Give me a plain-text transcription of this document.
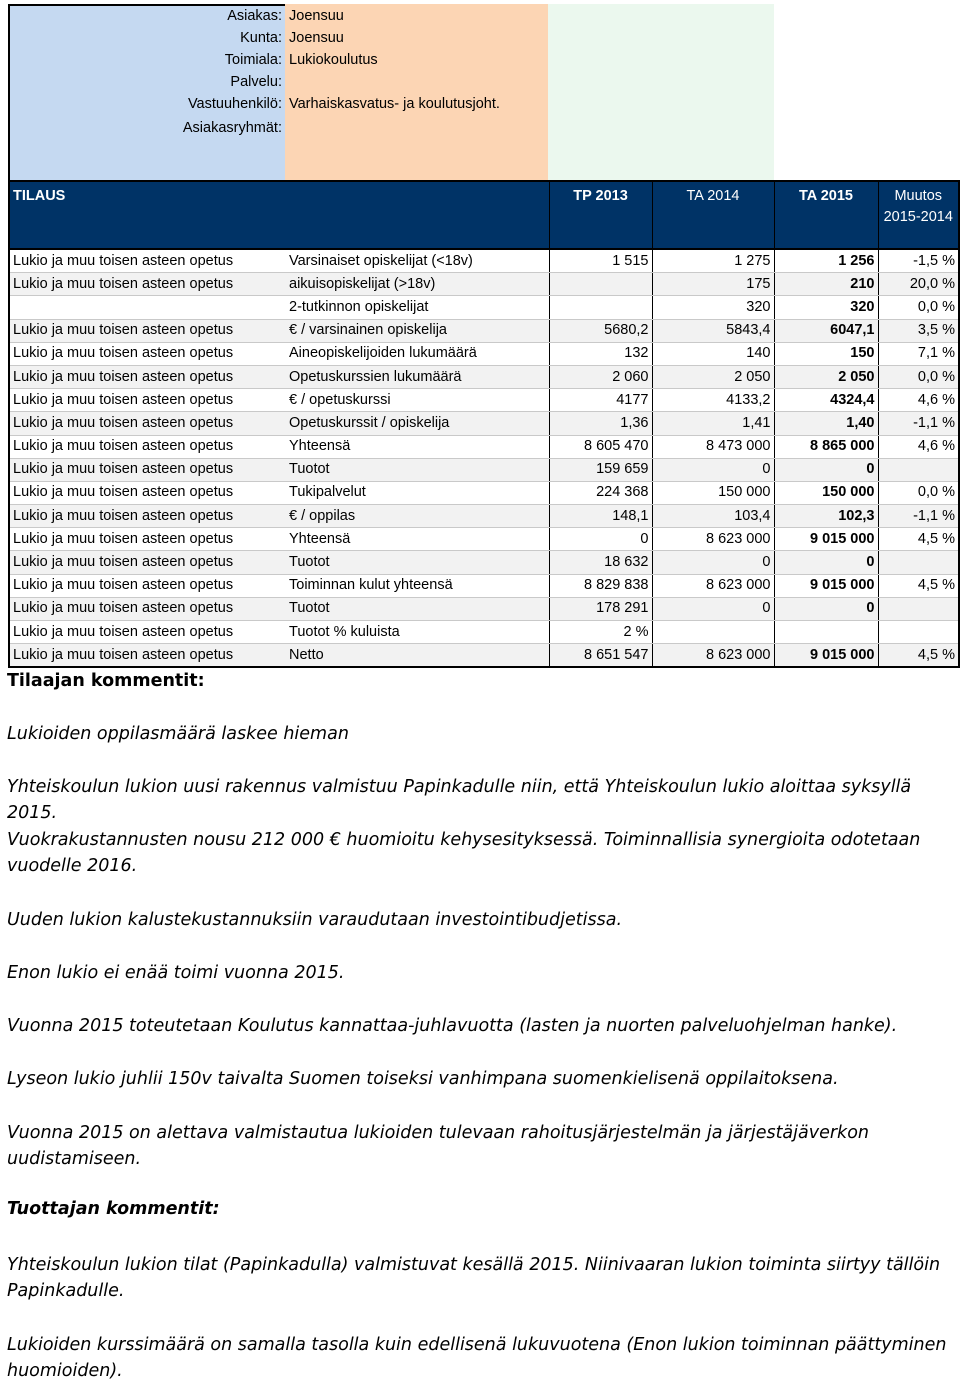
Asiakas: Joensuu
Kunta: Joensuu
Toimiala: Lukiokoulutus
Palvelu:
Vastuuhenkilö: Varhaiskasvatus- ja koulutusjoht.
Asiakasryhmät:
TILAUS		TP 2013	TA 2014	TA 2015	Muutos 2015-2014
Lukio ja muu toisen asteen opetus	Varsinaiset opiskelijat (<18v)	1 515	1 275	1 256	-1,5 %
Lukio ja muu toisen asteen opetus	aikuisopiskelijat (>18v)		175	210	20,0 %
	2-tutkinnon opiskelijat		320	320	0,0 %
Lukio ja muu toisen asteen opetus	€ / varsinainen opiskelija	5680,2	5843,4	6047,1	3,5 %
Lukio ja muu toisen asteen opetus	Aineopiskelijoiden lukumäärä	132	140	150	7,1 %
Lukio ja muu toisen asteen opetus	Opetuskurssien lukumäärä	2 060	2 050	2 050	0,0 %
Lukio ja muu toisen asteen opetus	€ / opetuskurssi	4177	4133,2	4324,4	4,6 %
Lukio ja muu toisen asteen opetus	Opetuskurssit / opiskelija	1,36	1,41	1,40	-1,1 %
Lukio ja muu toisen asteen opetus	Yhteensä	8 605 470	8 473 000	8 865 000	4,6 %
Lukio ja muu toisen asteen opetus	Tuotot	159 659	0	0	
Lukio ja muu toisen asteen opetus	Tukipalvelut	224 368	150 000	150 000	0,0 %
Lukio ja muu toisen asteen opetus	€ / oppilas	148,1	103,4	102,3	-1,1 %
Lukio ja muu toisen asteen opetus	Yhteensä	0	8 623 000	9 015 000	4,5 %
Lukio ja muu toisen asteen opetus	Tuotot	18 632	0	0	
Lukio ja muu toisen asteen opetus	Toiminnan kulut yhteensä	8 829 838	8 623 000	9 015 000	4,5 %
Lukio ja muu toisen asteen opetus	Tuotot	178 291	0	0	
Lukio ja muu toisen asteen opetus	Tuotot % kuluista	2 %			
Lukio ja muu toisen asteen opetus	Netto	8 651 547	8 623 000	9 015 000	4,5 %
Tilaajan kommentit:
Lukioiden oppilasmäärä laskee hieman
Yhteiskoulun lukion uusi rakennus valmistuu Papinkadulle niin, että Yhteiskoulun lukio aloittaa syksyllä 2015.
Vuokrakustannusten nousu 212 000 € huomioitu kehysesityksessä. Toiminnallisia synergioita odotetaan vuodelle 2016.
Uuden lukion kalustekustannuksiin varaudutaan investointibudjetissa.
Enon lukio ei enää toimi vuonna 2015.
Vuonna 2015 toteutetaan Koulutus kannattaa-juhlavuotta (lasten ja nuorten palveluohjelman hanke).
Lyseon lukio juhlii 150v taivalta Suomen toiseksi vanhimpana suomenkielisenä oppilaitoksena.
Vuonna 2015 on alettava valmistautua lukioiden tulevaan rahoitusjärjestelmän ja järjestäjäverkon uudistamiseen.
Tuottajan kommentit:
Yhteiskoulun lukion tilat (Papinkadulla) valmistuvat kesällä 2015. Niinivaaran lukion toiminta siirtyy tällöin Papinkadulle.
Lukioiden kurssimäärä on samalla tasolla kuin edellisenä lukuvuotena (Enon lukion toiminnan päättyminen huomioiden).
